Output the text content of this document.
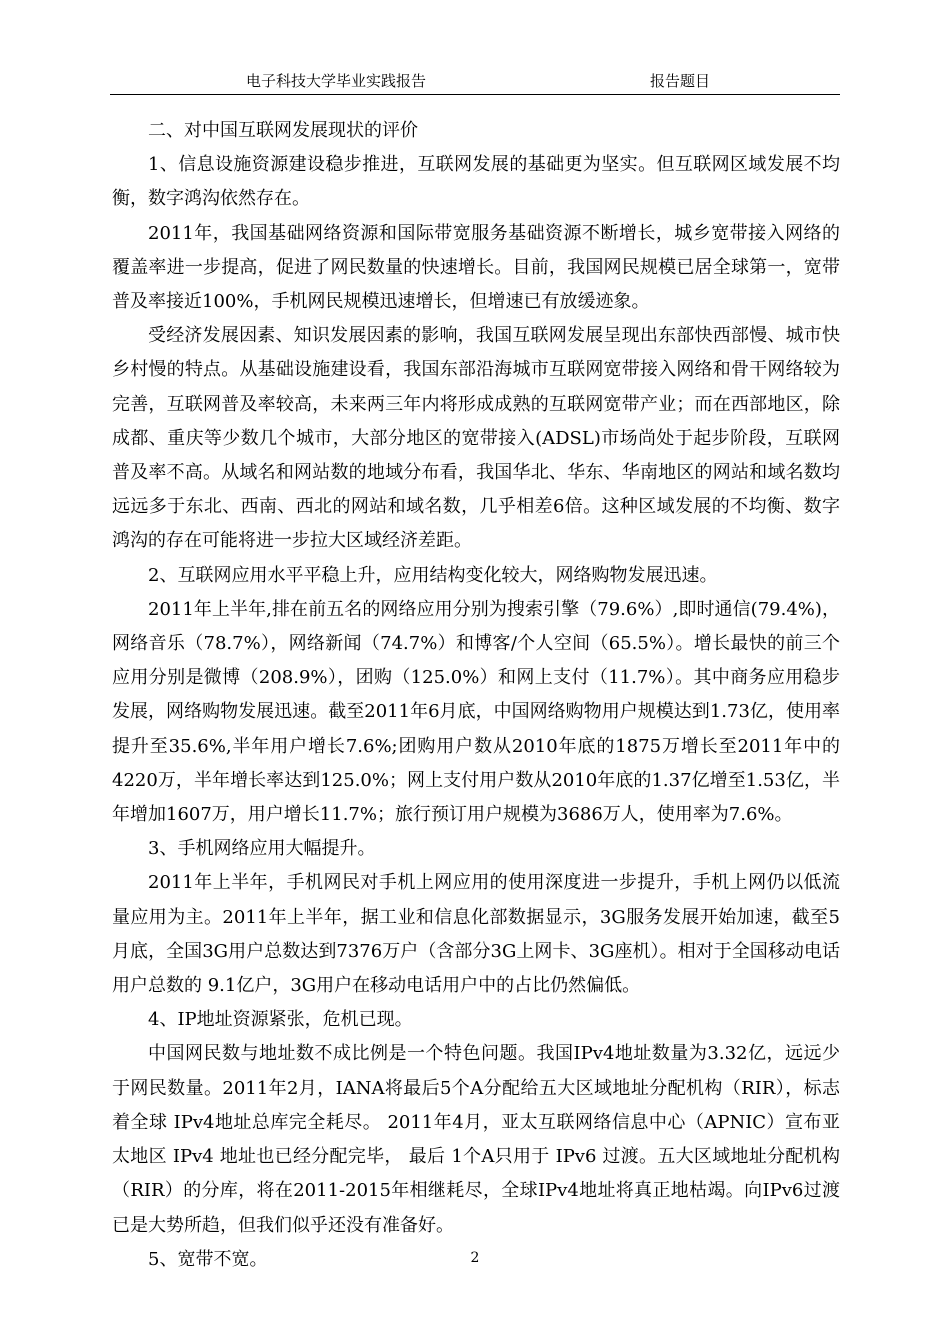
电子科技大学毕业实践报告	报告题目

二、对中国互联网发展现状的评价

1、信息设施资源建设稳步推进，互联网发展的基础更为坚实。但互联网区域发展不均衡，数字鸿沟依然存在。

2011年，我国基础网络资源和国际带宽服务基础资源不断增长，城乡宽带接入网络的覆盖率进一步提高，促进了网民数量的快速增长。目前，我国网民规模已居全球第一，宽带普及率接近100%，手机网民规模迅速增长，但增速已有放缓迹象。

受经济发展因素、知识发展因素的影响，我国互联网发展呈现出东部快西部慢、城市快乡村慢的特点。从基础设施建设看，我国东部沿海城市互联网宽带接入网络和骨干网络较为完善，互联网普及率较高，未来两三年内将形成成熟的互联网宽带产业；而在西部地区，除成都、重庆等少数几个城市，大部分地区的宽带接入(ADSL)市场尚处于起步阶段，互联网普及率不高。从域名和网站数的地域分布看，我国华北、华东、华南地区的网站和域名数均远远多于东北、西南、西北的网站和域名数，几乎相差6倍。这种区域发展的不均衡、数字鸿沟的存在可能将进一步拉大区域经济差距。

2、互联网应用水平平稳上升，应用结构变化较大，网络购物发展迅速。

2011年上半年,排在前五名的网络应用分别为搜索引擎（79.6%）,即时通信(79.4%)，网络音乐（78.7%），网络新闻（74.7%）和博客/个人空间（65.5%）。增长最快的前三个应用分别是微博（208.9%），团购（125.0%）和网上支付（11.7%）。其中商务应用稳步发展，网络购物发展迅速。截至2011年6月底，中国网络购物用户规模达到1.73亿，使用率提升至35.6%,半年用户增长7.6%;团购用户数从2010年底的1875万增长至2011年中的4220万，半年增长率达到125.0%；网上支付用户数从2010年底的1.37亿增至1.53亿，半年增加1607万，用户增长11.7%；旅行预订用户规模为3686万人，使用率为7.6%。

3、手机网络应用大幅提升。

2011年上半年，手机网民对手机上网应用的使用深度进一步提升，手机上网仍以低流量应用为主。2011年上半年，据工业和信息化部数据显示，3G服务发展开始加速，截至5月底，全国3G用户总数达到7376万户（含部分3G上网卡、3G座机）。相对于全国移动电话用户总数的 9.1亿户，3G用户在移动电话用户中的占比仍然偏低。

4、IP地址资源紧张，危机已现。

中国网民数与地址数不成比例是一个特色问题。我国IPv4地址数量为3.32亿，远远少于网民数量。2011年2月，IANA将最后5个A分配给五大区域地址分配机构（RIR），标志着全球 IPv4地址总库完全耗尽。 2011年4月，亚太互联网络信息中心（APNIC）宣布亚太地区 IPv4 地址也已经分配完毕， 最后 1个A只用于 IPv6 过渡。五大区域地址分配机构（RIR）的分库，将在2011-2015年相继耗尽，全球IPv4地址将真正地枯竭。向IPv6过渡已是大势所趋，但我们似乎还没有准备好。

5、宽带不宽。	2
